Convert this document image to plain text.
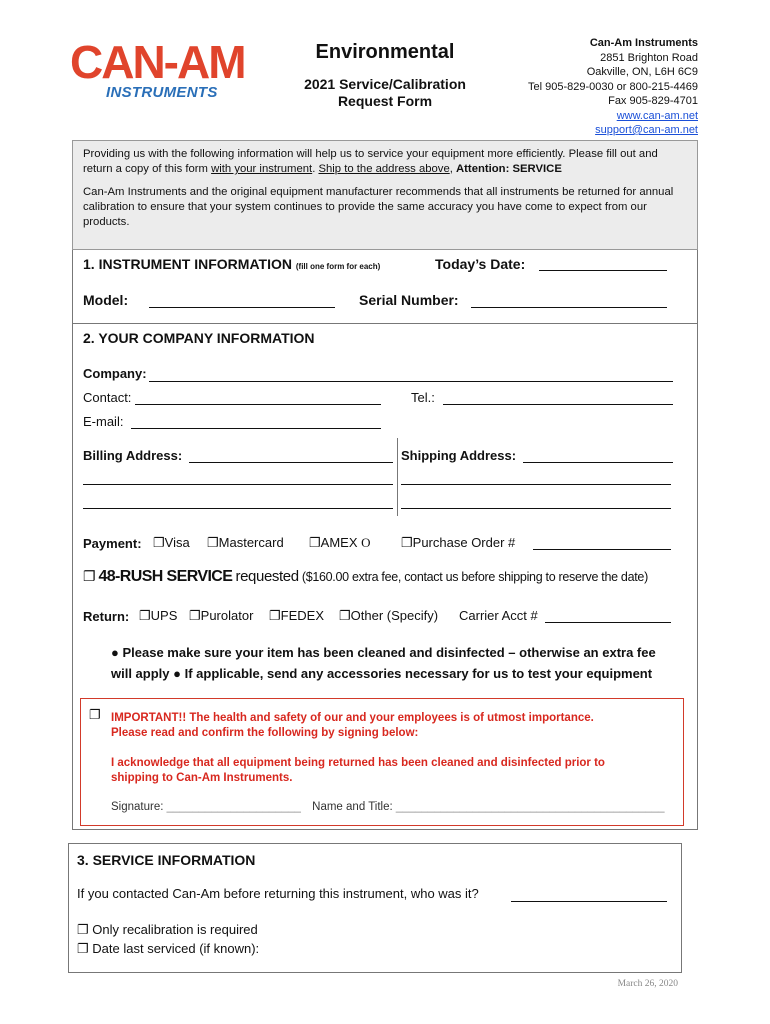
CAN-AM
INSTRUMENTS
Environmental
2021 Service/Calibration
Request Form
Can-Am Instruments
2851 Brighton Road
Oakville, ON, L6H 6C9
Tel 905-829-0030 or 800-215-4469
Fax 905-829-4701
www.can-am.net
support@can-am.net

Providing us with the following information will help us to service your equipment more efficiently. Please fill out and return a copy of this form with your instrument. Ship to the address above, Attention: SERVICE

Can-Am Instruments and the original equipment manufacturer recommends that all instruments be returned for annual calibration to ensure that your system continues to provide the same accuracy you have come to expect from our products.

1. INSTRUMENT INFORMATION (fill one form for each)	Today’s Date:
Model:	Serial Number:
2. YOUR COMPANY INFORMATION
Company:
Contact:	Tel.:
E-mail:
Billing Address:	Shipping Address:
Payment: ❐Visa ❐Mastercard ❐AMEX O ❐Purchase Order #
❐ 48-RUSH SERVICE requested ($160.00 extra fee, contact us before shipping to reserve the date)
Return: ❐UPS ❐Purolator ❐FEDEX ❐Other (Specify) Carrier Acct #
● Please make sure your item has been cleaned and disinfected – otherwise an extra fee
will apply ● If applicable, send any accessories necessary for us to test your equipment
❐ IMPORTANT!! The health and safety of our and your employees is of utmost importance.
Please read and confirm the following by signing below:
I acknowledge that all equipment being returned has been cleaned and disinfected prior to
shipping to Can-Am Instruments.
Signature: _____________________ Name and Title: __________________________________________
3. SERVICE INFORMATION
If you contacted Can-Am before returning this instrument, who was it?
❐ Only recalibration is required
❐ Date last serviced (if known):
March 26, 2020
